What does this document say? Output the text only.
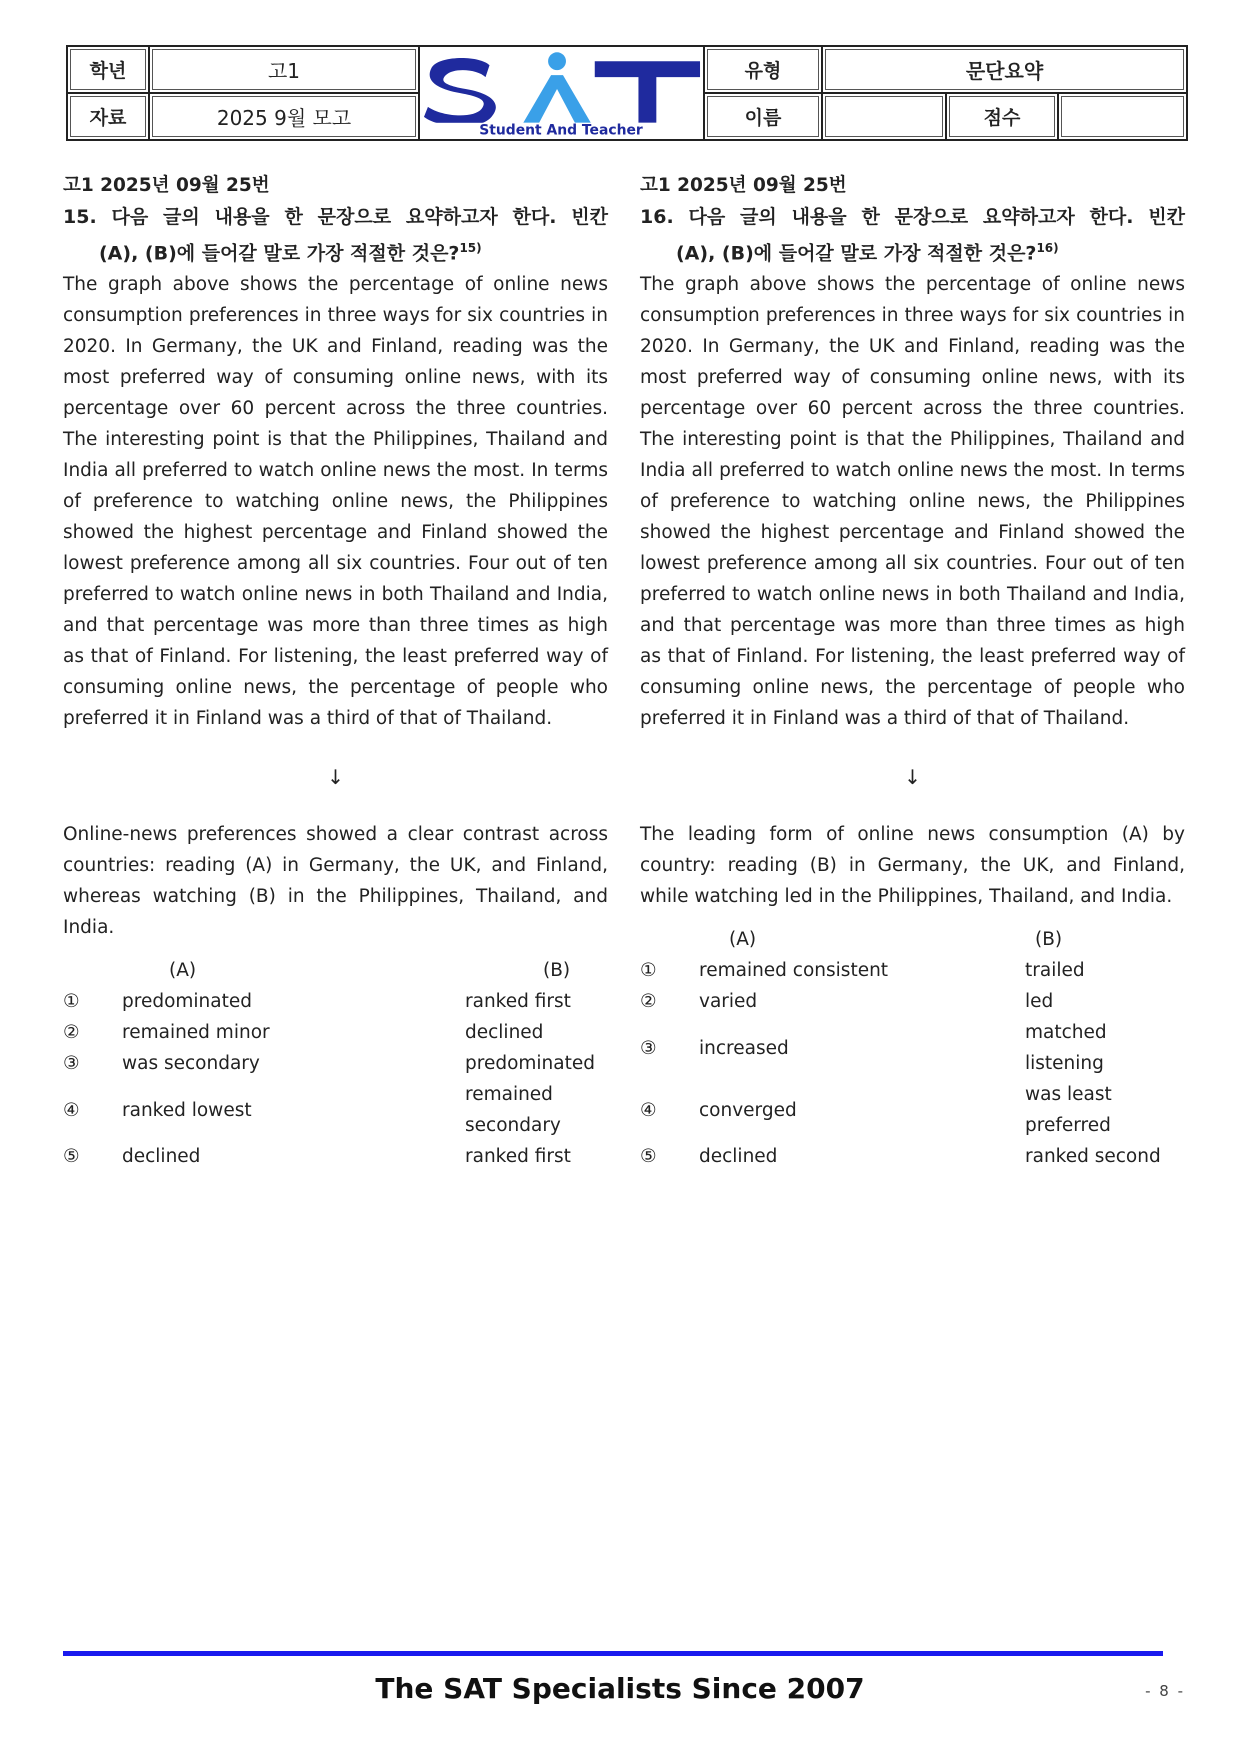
학년	고1	Student And Teacher	유형	문단요약		
자료	2025 9월 모고		이름		점수	
고1 2025년 09월 25번
15. 다음 글의 내용을 한 문장으로 요약하고자 한다. 빈칸
(A), (B)에 들어갈 말로 가장 적절한 것은?$^{15)}$
The graph above shows the percentage of online news consumption preferences in three ways for six countries in 2020. In Germany, the UK and Finland, reading was the most preferred way of consuming online news, with its percentage over 60 percent across the three countries. The interesting point is that the Philippines, Thailand and India all preferred to watch online news the most. In terms of preference to watching online news, the Philippines showed the highest percentage and Finland showed the lowest preference among all six countries. Four out of ten preferred to watch online news in both Thailand and India, and that percentage was more than three times as high as that of Finland. For listening, the least preferred way of consuming online news, the percentage of people who preferred it in Finland was a third of that of Thailand.
↓
Online-news preferences showed a clear contrast across countries: reading (A) in Germany, the UK, and Finland, whereas watching (B) in the Philippines, Thailand, and India.
	(A)	(B)
①	predominated	ranked first
②	remained minor	declined
③	was secondary	predominated
④	ranked lowest	remained secondary
⑤	declined	ranked first
고1 2025년 09월 25번
16. 다음 글의 내용을 한 문장으로 요약하고자 한다. 빈칸
(A), (B)에 들어갈 말로 가장 적절한 것은?$^{16)}$
The graph above shows the percentage of online news consumption preferences in three ways for six countries in 2020. In Germany, the UK and Finland, reading was the most preferred way of consuming online news, with its percentage over 60 percent across the three countries. The interesting point is that the Philippines, Thailand and India all preferred to watch online news the most. In terms of preference to watching online news, the Philippines showed the highest percentage and Finland showed the lowest preference among all six countries. Four out of ten preferred to watch online news in both Thailand and India, and that percentage was more than three times as high as that of Finland. For listening, the least preferred way of consuming online news, the percentage of people who preferred it in Finland was a third of that of Thailand.
↓
The leading form of online news consumption (A) by country: reading (B) in Germany, the UK, and Finland, while watching led in the Philippines, Thailand, and India.
	(A)	(B)
①	remained consistent	trailed
②	varied	led
③	increased	matched listening
④	converged	was least preferred
⑤	declined	ranked second
The SAT Specialists Since 2007	- 8 -
